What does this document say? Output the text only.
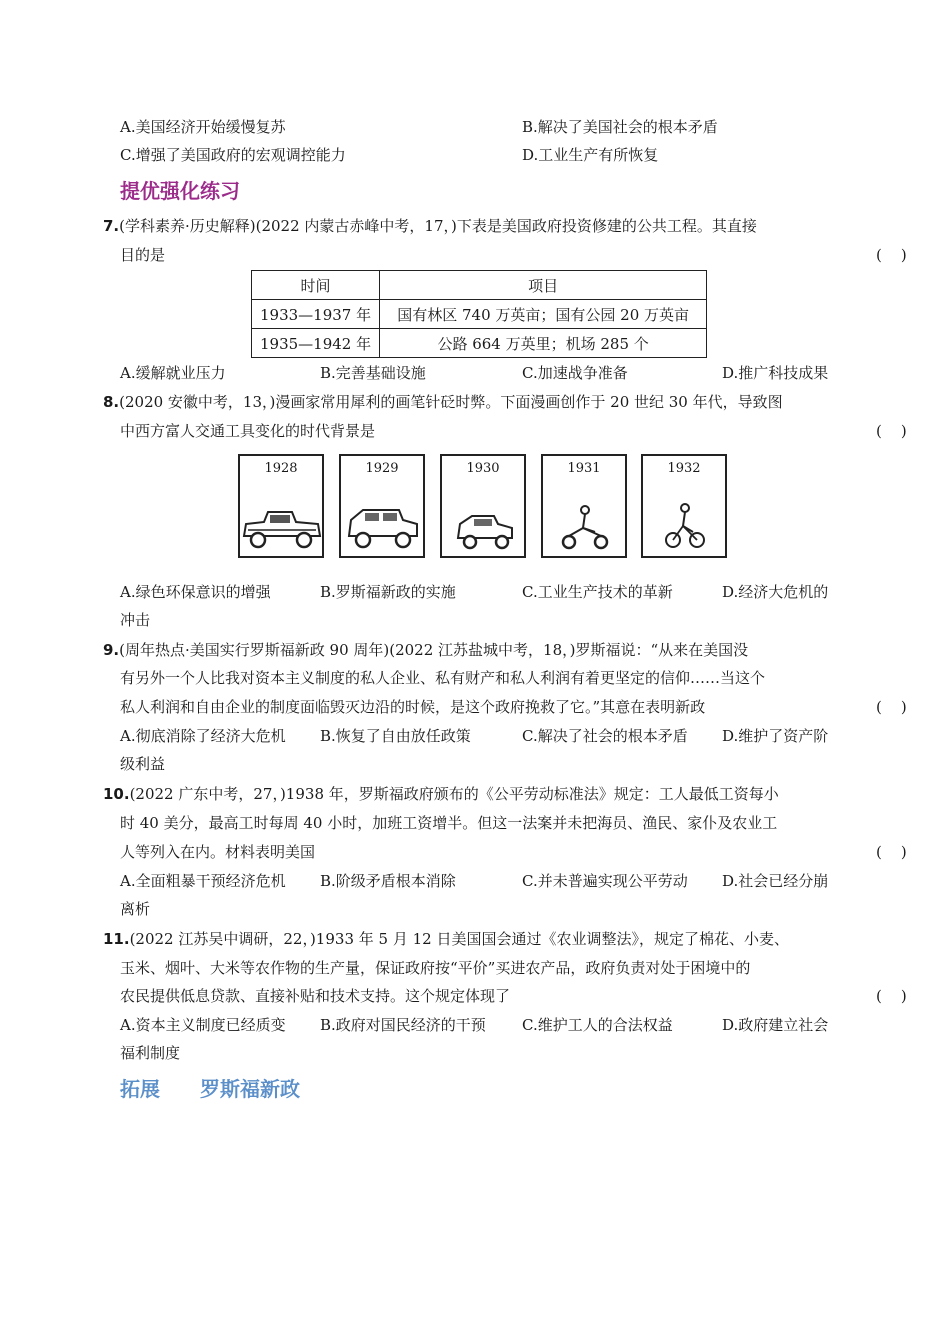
A.美国经济开始缓慢复苏	B.解决了美国社会的根本矛盾
C.增强了美国政府的宏观调控能力	D.工业生产有所恢复
提优强化练习
7.(学科素养·历史解释)(2022 内蒙古赤峰中考，17，)下表是美国政府投资修建的公共工程。其直接
目的是	(    )
时间	项目
1933—1937 年	国有林区 740 万英亩；国有公园 20 万英亩
1935—1942 年	公路 664 万英里；机场 285 个
A.缓解就业压力	B.完善基础设施	C.加速战争准备	D.推广科技成果
8.(2020 安徽中考，13，)漫画家常用犀利的画笔针砭时弊。下面漫画创作于 20 世纪 30 年代，导致图
中西方富人交通工具变化的时代背景是	(    )
1928	1929	1930	1931	1932
A.绿色环保意识的增强	B.罗斯福新政的实施	C.工业生产技术的革新	D.经济大危机的
冲击
9.(周年热点·美国实行罗斯福新政 90 周年)(2022 江苏盐城中考，18，)罗斯福说：“从来在美国没
有另外一个人比我对资本主义制度的私人企业、私有财产和私人利润有着更坚定的信仰……当这个
私人利润和自由企业的制度面临毁灭边沿的时候，是这个政府挽救了它。”其意在表明新政	(    )
A.彻底消除了经济大危机 B.恢复了自由放任政策	C.解决了社会的根本矛盾 D.维护了资产阶
级利益
10.(2022 广东中考，27，)1938 年，罗斯福政府颁布的《公平劳动标准法》规定：工人最低工资每小
时 40 美分，最高工时每周 40 小时，加班工资增半。但这一法案并未把海员、渔民、家仆及农业工
人等列入在内。材料表明美国	(    )
A.全面粗暴干预经济危机 B.阶级矛盾根本消除	C.并未普遍实现公平劳动 D.社会已经分崩
离析
11.(2022 江苏吴中调研，22，)1933 年 5 月 12 日美国国会通过《农业调整法》，规定了棉花、小麦、
玉米、烟叶、大米等农作物的生产量，保证政府按“平价”买进农产品，政府负责对处于困境中的
农民提供低息贷款、直接补贴和技术支持。这个规定体现了	(    )
A.资本主义制度已经质变 B.政府对国民经济的干预 C.维护工人的合法权益	D.政府建立社会
福利制度
拓展 罗斯福新政
